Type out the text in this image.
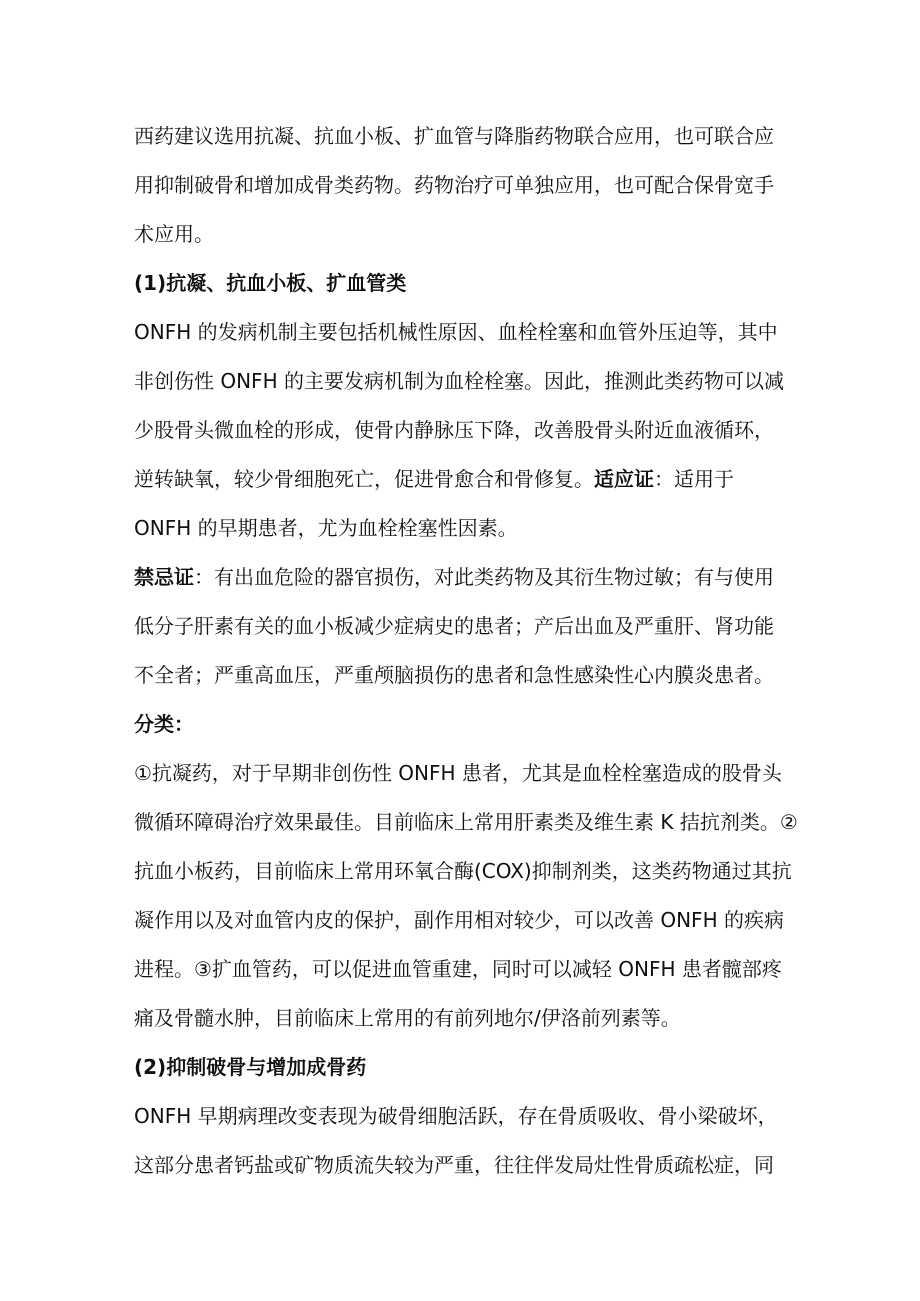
西药建议选用抗凝、抗血小板、扩血管与降脂药物联合应用，也可联合应
用抑制破骨和增加成骨类药物。药物治疗可单独应用，也可配合保骨宽手
术应用。
(1)抗凝、抗血小板、扩血管类
ONFH 的发病机制主要包括机械性原因、血栓栓塞和血管外压迫等，其中
非创伤性 ONFH 的主要发病机制为血栓栓塞。因此，推测此类药物可以减
少股骨头微血栓的形成，使骨内静脉压下降，改善股骨头附近血液循环，
逆转缺氧，较少骨细胞死亡，促进骨愈合和骨修复。适应证：适用于
ONFH 的早期患者，尤为血栓栓塞性因素。
禁忌证：有出血危险的器官损伤，对此类药物及其衍生物过敏；有与使用
低分子肝素有关的血小板减少症病史的患者；产后出血及严重肝、肾功能
不全者；严重高血压，严重颅脑损伤的患者和急性感染性心内膜炎患者。
分类：
①抗凝药，对于早期非创伤性 ONFH 患者，尤其是血栓栓塞造成的股骨头
微循环障碍治疗效果最佳。目前临床上常用肝素类及维生素 K 拮抗剂类。②
抗血小板药，目前临床上常用环氧合酶(COX)抑制剂类，这类药物通过其抗
凝作用以及对血管内皮的保护，副作用相对较少，可以改善 ONFH 的疾病
进程。③扩血管药，可以促进血管重建，同时可以减轻 ONFH 患者髋部疼
痛及骨髓水肿，目前临床上常用的有前列地尔/伊洛前列素等。
(2)抑制破骨与增加成骨药
ONFH 早期病理改变表现为破骨细胞活跃，存在骨质吸收、骨小梁破坏，
这部分患者钙盐或矿物质流失较为严重，往往伴发局灶性骨质疏松症，同
